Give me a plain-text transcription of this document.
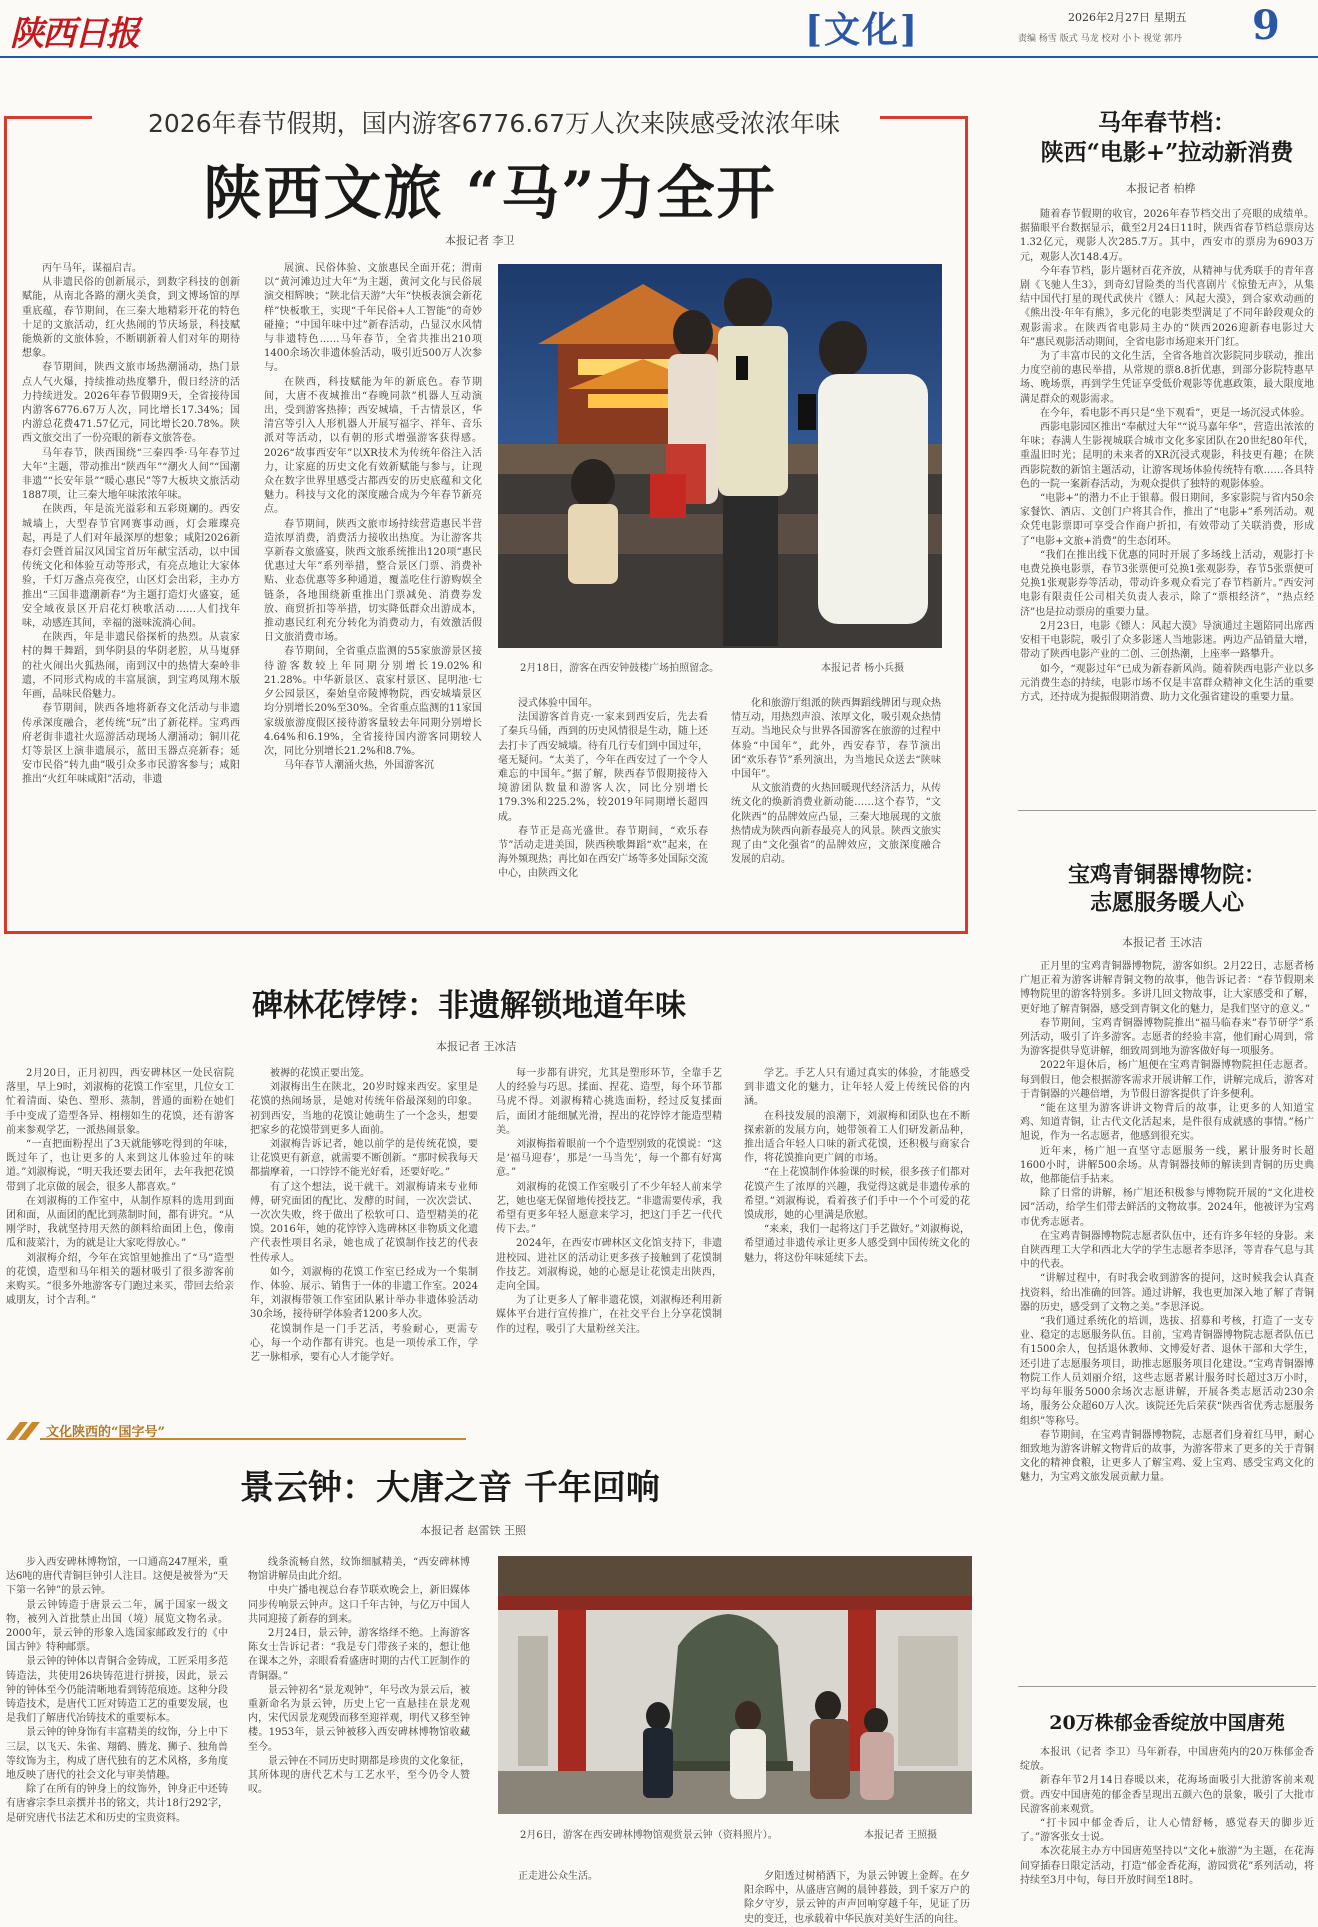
陕西日报	[文化]	2026年2月27日 星期五
责编 杨雪 版式 马龙 校对 小卜 视觉 郭丹 9
2026年春节假期，国内游客6776.67万人次来陕感受浓浓年味
陕西文旅 “马”力全开
本报记者 李卫

丙午马年，谋福启吉。

从非遗民俗的创新展示，到数字科技的创新赋能，从南北各路的潮火美食，到文博场馆的厚重底蕴，春节期间，在三秦大地精彩开花的特色十足的文旅活动，红火热闹的节庆场景，科技赋能焕新的文旅体验，不断刷新着人们对年的期待想象。

春节期间，陕西文旅市场热潮涌动，热门景点人气火爆，持续推动热度攀升，假日经济的活力持续迸发。2026年春节假期9天，全省接待国内游客6776.67万人次，同比增长17.34%；国内游总花费471.57亿元，同比增长20.78%。陕西文旅交出了一份亮眼的新春文旅答卷。

马年春节，陕西围绕“三秦四季·马年春节过大年”主题，带动推出“陕西年”“潮火人间”“国潮非遗”“长安年景”“暖心惠民”等7大板块文旅活动1887项，让三秦大地年味浓浓年味。

在陕西，年是流光溢彩和五彩斑斓的。西安城墙上，大型春节官网赛事动画，灯会璀璨亮起，再是了人们对年最深厚的想象；咸阳2026新春灯会暨首届汉风国宝首历年献宝活动，以中国传统文化和体验互动等形式，有亮点地让大家体验，千灯万盏点亮夜空，山区灯会出彩，主办方推出“三国非遗潮新春”为主题打造灯火盛宴，延安全域夜景区开启花灯秧歌活动……人们找年味，动感连其间，幸福的滋味流淌心间。

在陕西，年是非遗民俗探析的热烈。从袁家村的舞干舞蹈，到华阴县的华阴老腔，从马嵬驿的社火闹出火狐热闹，南到汉中的热情大秦岭非遗，不同形式构成的丰富展演，到宝鸡凤翔木版年画，品味民俗魅力。

春节期间，陕西各地将新春文化活动与非遗传承深度融合，老传统“玩”出了新花样。宝鸡西府老街非遗社火巡游活动现场人潮涌动；铜川花灯等景区上演非遗展示，蓝田玉器点亮新春；延安市民俗“转九曲”吸引众多市民游客参与；咸阳推出“火红年味咸阳”活动，非遗

展演、民俗体验、文旅惠民全面开花；渭南以“黄河滩边过大年”为主题，黄河文化与民俗展演交相辉映；“陕北信天游”大年“快板表演会新花样”快板歌王，实现“千年民俗+人工智能”的奇妙碰撞；“中国年味中过”新春活动，凸显汉水风情与非遗特色……马年春节，全省共推出210项1400余场次非遗体验活动，吸引近500万人次参与。

在陕西，科技赋能为年的新底色。春节期间，大唐不夜城推出“春晚同款”机器人互动演出，受到游客热捧；西安城墙，千古情景区，华清宫等引入人形机器人开展写福字、祥年、音乐派对等活动，以有朝的形式增强游客获得感。2026“故事西安年”以XR技术为传统年俗注入活力，让家庭的历史文化有效新赋能与参与，让现众在数字世界里感受古都西安的历史底蕴和文化魅力。科技与文化的深度融合成为今年春节新亮点。

春节期间，陕西文旅市场持续营造惠民半营造浓厚消费，消费活力接收出热度。为让游客共享新春文旅盛宴，陕西文旅系统推出120项“惠民优惠过大年”系列举措，整合景区门票、消费补贴、业态优惠等多种通道，覆盖吃住行游购娱全链条，各地围绕新重推出门票减免、消费券发放、商贸折扣等举措，切实降低群众出游成本，推动惠民红利充分转化为消费动力，有效激活假日文旅消费市场。

春节期间，全省重点监测的55家旅游景区接待游客数较上年同期分别增长19.02%和21.28%。中华新景区、袁家村景区、昆明池·七夕公园景区，秦始皇帝陵博物院，西安城墙景区均分别增长20%至30%。全省重点监测的11家国家级旅游度假区接待游客量较去年同期分别增长4.64%和6.19%，全省接待国内游客同期较人次，同比分别增长21.2%和8.7%。

马年春节人潮涌火热，外国游客沉

2月18日，游客在西安钟鼓楼广场拍照留念。	本报记者 杨小兵摄

浸式体验中国年。

法国游客首肯克·一家来到西安后，先去看了秦兵马俑，西到的历史风情很是生动，随上还去打卡了西安城墙。待有几行专们到中国过年，毫无疑问。“太美了，今年在西安过了一个令人难忘的中国年。”据了解，陕西春节假期接待入境游团队数量和游客人次，同比分别增长179.3%和225.2%，较2019年同期增长超四成。

春节正是高光盛世。春节期间，“欢乐春节”活动走进美国，陕西秧歌舞蹈“欢”起来，在海外频现热；再比如在西安广场等多处国际交流中心，由陕西文化

化和旅游厅组派的陕西舞蹈线牌团与现众热情互动，用热烈声浪、浓厚文化，吸引观众热情互动。当地民众与世界各国游客在旅游的过程中体验“中国年”，此外，西安春节，春节演出团“欢乐春节”系列演出，为当地民众送去“陕味中国年”。

从文旅消费的火热回暖现代经济活力，从传统文化的焕新消费业新动能……这个春节，“文化陕西”的品牌效应凸显，三秦大地展现的文旅热情成为陕西向新春最亮人的风景。陕西文旅实现了由“文化强省”的品牌效应，文旅深度融合发展的启动。

马年春节档：
陕西“电影+”拉动新消费
本报记者 柏桦

随着春节假期的收官，2026年春节档交出了亮眼的成绩单。据猫眼平台数据显示，截至2月24日11时，陕西省春节档总票房达1.32亿元，观影人次285.7万。其中，西安市的票房为6903万元，观影人次148.4万。

今年春节档，影片题材百花齐放，从精神与优秀联手的青年喜剧《飞驰人生3》，到奇幻冒险类的当代喜剧片《惊蛰无声》，从集结中国代打星的现代武侠片《镖人：风起大漠》，到合家欢动画的《熊出没·年年有熊》，多元化的电影类型满足了不同年龄段观众的观影需求。在陕西省电影局主办的“陕西2026迎新春电影过大年”惠民观影活动期间，全省电影市场迎来开门红。

为了丰富市民的文化生活，全省各地首次影院同步联动，推出力度空前的惠民举措，从常规的票8.8折优惠，到部分影院特惠早场、晚场票，再到学生凭证享受低价观影等优惠政策，最大限度地满足群众的观影需求。

在今年，看电影不再只是“坐下观看”，更是一场沉浸式体验。

西影电影园区推出“奉献过大年”“说马嘉年华”，营造出浓浓的年味；春满人生影视城联合城市文化多家团队在20世纪80年代，重温旧时光；昆明的未来者的XR沉浸式观影，科技更有趣；在陕西影院数的新馆主题活动，让游客现场体验传统特有歌……各具特色的一院一案新春活动，为观众提供了独特的观影体验。

“电影+”的潜力不止于银幕。假日期间，多家影院与省内50余家餐饮、酒店、文创门户将其合作，推出了“电影+”系列活动。观众凭电影票即可享受合作商户折扣，有效带动了关联消费，形成了“电影+文旅+消费”的生态闭环。

“我们在推出线下优惠的同时开展了多场线上活动，观影打卡电费兑换电影票，春节3张票便可兑换1张观影券，春节5张票便可兑换1张观影券等活动，带动许多观众看完了春节档新片。”西安河电影有限责任公司相关负责人表示，除了“票根经济”，“热点经济”也是拉动票房的重要力量。

2月23日，电影《镖人：风起大漠》导演通过主题陪同出席西安相干电影院，吸引了众多影迷人当地影迷。两边产品销量大增，带动了陕西电影产业的二创、三创热潮，上座率一路攀升。

如今，“观影过年”已成为新春新风尚。随着陕西电影产业以多元消费生态的持续，电影市场不仅是丰富群众精神文化生活的重要方式，还持成为提振假期消费、助力文化强省建设的重要力量。

宝鸡青铜器博物院：
志愿服务暖人心
本报记者 王冰洁

正月里的宝鸡青铜器博物院，游客如织。2月22日，志愿者杨广旭正着为游客讲解青铜文物的故事，他告诉记者：“春节假期来博物院里的游客特别多。多讲几回文物故事，让大家感受和了解，更好地了解青铜器，感受到青铜文化的魅力，是我们坚守的意义。”

春节期间，宝鸡青铜器博物院推出“福马临春来”春节研学”系列活动，吸引了许多游客。志愿者的经验丰富，他们耐心周到，常为游客提供导览讲解，细致周到地为游客做好每一项服务。

2022年退休后，杨广旭便在宝鸡青铜器博物院担任志愿者。每到假日，他会根据游客需求开展讲解工作，讲解完成后，游客对于青铜器的兴趣倍增，为节假日游客提供了许多便利。

“能在这里为游客讲讲文物背后的故事，让更多的人知道宝鸡、知道青铜，让古代文化活起来，是件很有成就感的事情。”杨广旭说，作为一名志愿者，他感到很充实。

近年来，杨广旭一直坚守志愿服务一线，累计服务时长超1600小时，讲解500余场。从青铜器技师的解读到青铜的历史典故，他都能信手拈来。

除了日常的讲解，杨广旭还积极参与博物院开展的“文化进校园”活动，给学生们带去鲜活的文物故事。2024年，他被评为宝鸡市优秀志愿者。

在宝鸡青铜器博物院志愿者队伍中，还有许多年轻的身影。来自陕西理工大学和西北大学的学生志愿者李思泽，等青春气息与其中的代表。

“讲解过程中，有时我会收到游客的提问，这时候我会认真查找资料，给出准确的回答。通过讲解，我也更加深入地了解了青铜器的历史，感受到了文物之美。”李思泽说。

“我们通过系统化的培训，选拔、招募和考核，打造了一支专业、稳定的志愿服务队伍。目前，宝鸡青铜器博物院志愿者队伍已有1500余人，包括退休教师、文博爱好者、退休干部和大学生，还引进了志愿服务项目，助推志愿服务项目化建设。”宝鸡青铜器博物院工作人员刘丽介绍，这些志愿者累计服务时长超过3万小时，平均每年服务5000余场次志愿讲解，开展各类志愿活动230余场，服务公众超60万人次。该院还先后荣获“陕西省优秀志愿服务组织”等称号。

春节期间，在宝鸡青铜器博物院，志愿者们身着红马甲，耐心细致地为游客讲解文物背后的故事，为游客带来了更多的关于青铜文化的精神食粮，让更多人了解宝鸡、爱上宝鸡、感受宝鸡文化的魅力，为宝鸡文旅发展贡献力量。

20万株郁金香绽放中国唐苑

本报讯（记者 李卫）马年新春，中国唐苑内的20万株郁金香绽放。

新春年节2月14日春暖以来，花海场面吸引大批游客前来观赏。西安中国唐苑的郁金香呈现出五颜六色的景象，吸引了大批市民游客前来观赏。

“打卡园中郁金香后，让人心情舒畅，感觉春天的脚步近了。”游客张女士说。

本次花展主办方中国唐苑坚持以“文化+旅游”为主题，在花海间穿插春日限定活动，打造“郁金香花海，游园赏花”系列活动，将持续至3月中旬，每日开放时间至18时。

碑林花饽饽：非遗解锁地道年味
本报记者 王冰洁

2月20日，正月初四，西安碑林区一处民宿院落里，早上9时，刘淑梅的花馍工作室里，几位女工忙着清面、染色、塑形、蒸制，普通的面粉在她们手中变成了造型各异、栩栩如生的花馍，还有游客前来参观学艺，一派热闹景象。

“一直把面粉捏出了3天就能够吃得到的年味，既过年了，也让更多的人来到这儿体验过年的味道。”刘淑梅说，“明天我还要去团年，去年我把花馍带到了北京做的展会，很多人都喜欢。”

在刘淑梅的工作室中，从制作原料的选用到面团和面，从面团的配比到蒸制时间，都有讲究。“从刚学时，我就坚持用天然的颜料给面团上色，像南瓜和菠菜汁，为的就是让大家吃得放心。”

刘淑梅介绍，今年在宾馆里她推出了“马”造型的花馍，造型和马年相关的题材吸引了很多游客前来购买。“很多外地游客专门跑过来买，带回去给亲戚朋友，讨个吉利。”

被褥的花馍正要出笼。

刘淑梅出生在陕北，20岁时嫁来西安。家里是花馍的热闹场景，是她对传统年俗最深刻的印象。初到西安，当地的花馍让她萌生了一个念头，想要把家乡的花馍带到更多人面前。

刘淑梅告诉记者，她以前学的是传统花馍，要让花馍更有新意，就需要不断创新。“那时候我每天都揣摩着，一口饽饽不能光好看，还要好吃。”

有了这个想法，说干就干。刘淑梅请来专业师傅，研究面团的配比、发酵的时间，一次次尝试、一次次失败，终于做出了松软可口、造型精美的花馍。2016年，她的花饽饽入选碑林区非物质文化遗产代表性项目名录，她也成了花馍制作技艺的代表性传承人。

如今，刘淑梅的花馍工作室已经成为一个集制作、体验、展示、销售于一体的非遗工作室。2024年，刘淑梅带领工作室团队累计举办非遗体验活动30余场，接待研学体验者1200多人次。

花馍制作是一门手艺活，考验耐心，更需专心，每一个动作都有讲究。也是一项传承工作，学艺一脉相承，要有心人才能学好。

每一步都有讲究，尤其是塑形环节，全靠手艺人的经验与巧思。揉面、捏花、造型，每个环节都马虎不得。刘淑梅精心挑选面粉，经过反复揉面后，面团才能细腻光滑，捏出的花饽饽才能造型精美。

刘淑梅指着眼前一个个造型别致的花馍说：“这是‘福马迎春’，那是‘一马当先’，每一个都有好寓意。”

刘淑梅的花馍工作室吸引了不少年轻人前来学艺，她也毫无保留地传授技艺。“非遗需要传承，我希望有更多年轻人愿意来学习，把这门手艺一代代传下去。”

2024年，在西安市碑林区文化馆支持下，非遗进校园、进社区的活动让更多孩子接触到了花馍制作技艺。刘淑梅说，她的心愿是让花馍走出陕西，走向全国。

为了让更多人了解非遗花馍，刘淑梅还利用新媒体平台进行宣传推广，在社交平台上分享花馍制作的过程，吸引了大量粉丝关注。

学艺。手艺人只有通过真实的体验，才能感受到非遗文化的魅力，让年轻人爱上传统民俗的内涵。

在科技发展的浪潮下，刘淑梅和团队也在不断探索新的发展方向，她带领着工人们研发新品种，推出适合年轻人口味的新式花馍，还积极与商家合作，将花馍推向更广阔的市场。

“在上花馍制作体验课的时候，很多孩子们都对花馍产生了浓厚的兴趣，我觉得这就是非遗传承的希望。”刘淑梅说，看着孩子们手中一个个可爱的花馍成形，她的心里满是欣慰。

“来来，我们一起将这门手艺做好。”刘淑梅说，希望通过非遗传承让更多人感受到中国传统文化的魅力，将这份年味延续下去。

文化陕西的“国字号”
景云钟：大唐之音 千年回响
本报记者 赵雷铁 王照

步入西安碑林博物馆，一口通高247厘米，重达6吨的唐代青铜巨钟引人注目。这便是被誉为“天下第一名钟”的景云钟。

景云钟铸造于唐景云二年，属于国家一级文物，被列入首批禁止出国（境）展览文物名录。2000年，景云钟的形象入选国家邮政发行的《中国古钟》特种邮票。

景云钟的钟体以青铜合金铸成，工匠采用多范铸造法，共使用26块铸范进行拼接，因此，景云钟的钟体至今仍能清晰地看到铸范痕迹。这种分段铸造技术，是唐代工匠对铸造工艺的重要发展，也是我们了解唐代冶铸技术的重要标本。

景云钟的钟身饰有丰富精美的纹饰，分上中下三层，以飞天、朱雀、翔鹤、腾龙、狮子、独角兽等纹饰为主，构成了唐代独有的艺术风格，多角度地反映了唐代的社会文化与审美情趣。

除了在所有的钟身上的纹饰外，钟身正中还铸有唐睿宗李旦亲撰并书的铭文，共计18行292字，是研究唐代书法艺术和历史的宝贵资料。

线条流畅自然，纹饰细腻精美，“西安碑林博物馆讲解员由此介绍。

中央广播电视总台春节联欢晚会上，新旧媒体同步传响景云钟声。这口千年古钟，与亿万中国人共同迎接了新春的到来。

2月24日，景云钟，游客络绎不绝。上海游客陈女士告诉记者：“我是专门带孩子来的，想让他在课本之外，亲眼看看盛唐时期的古代工匠制作的青铜器。”

景云钟初名“景龙观钟”，年号改为景云后，被重新命名为景云钟，历史上它一直悬挂在景龙观内，宋代因景龙观毁而移至迎祥观，明代又移至钟楼。1953年，景云钟被移入西安碑林博物馆收藏至今。

景云钟在不同历史时期都是珍贵的文化象征，其所体现的唐代艺术与工艺水平，至今仍令人赞叹。

2月6日，游客在西安碑林博物馆观赏景云钟（资料照片）。	本报记者 王照摄

正走进公众生活。	夕阳透过树梢洒下，为景云钟镀上金辉。在夕阳余晖中，从盛唐宫阙的晨钟暮鼓，到千家万户的除夕守岁，景云钟的声声回响穿越千年，见证了历史的变迁，也承载着中华民族对美好生活的向往。
